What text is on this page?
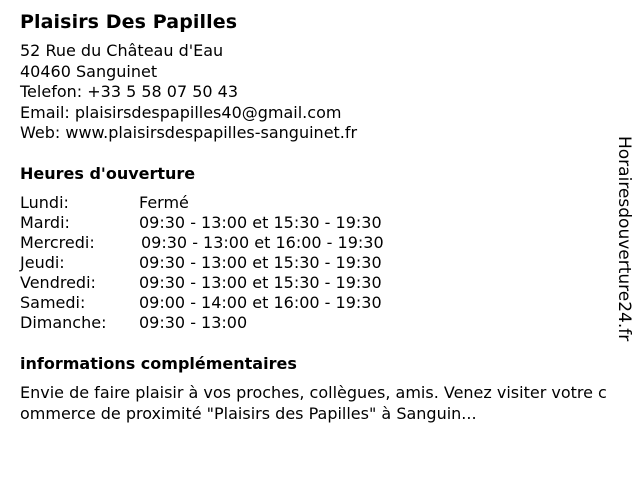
Plaisirs Des Papilles
52 Rue du Château d'Eau
40460 Sanguinet
Telefon: +33 5 58 07 50 43
Email: plaisirsdespapilles40@gmail.com
Web: www.plaisirsdespapilles-sanguinet.fr
Heures d'ouverture
Lundi:	Fermé
Mardi:	09:30 - 13:00 et 15:30 - 19:30
Mercredi:	09:30 - 13:00 et 16:00 - 19:30
Jeudi:	09:30 - 13:00 et 15:30 - 19:30
Vendredi:	09:30 - 13:00 et 15:30 - 19:30
Samedi:	09:00 - 14:00 et 16:00 - 19:30
Dimanche: 09:30 - 13:00
informations complémentaires

Envie de faire plaisir à vos proches, collègues, amis. Venez visiter votre commerce de proximité "Plaisirs des Papilles" à Sanguin...

Horairesdouverture24.fr
